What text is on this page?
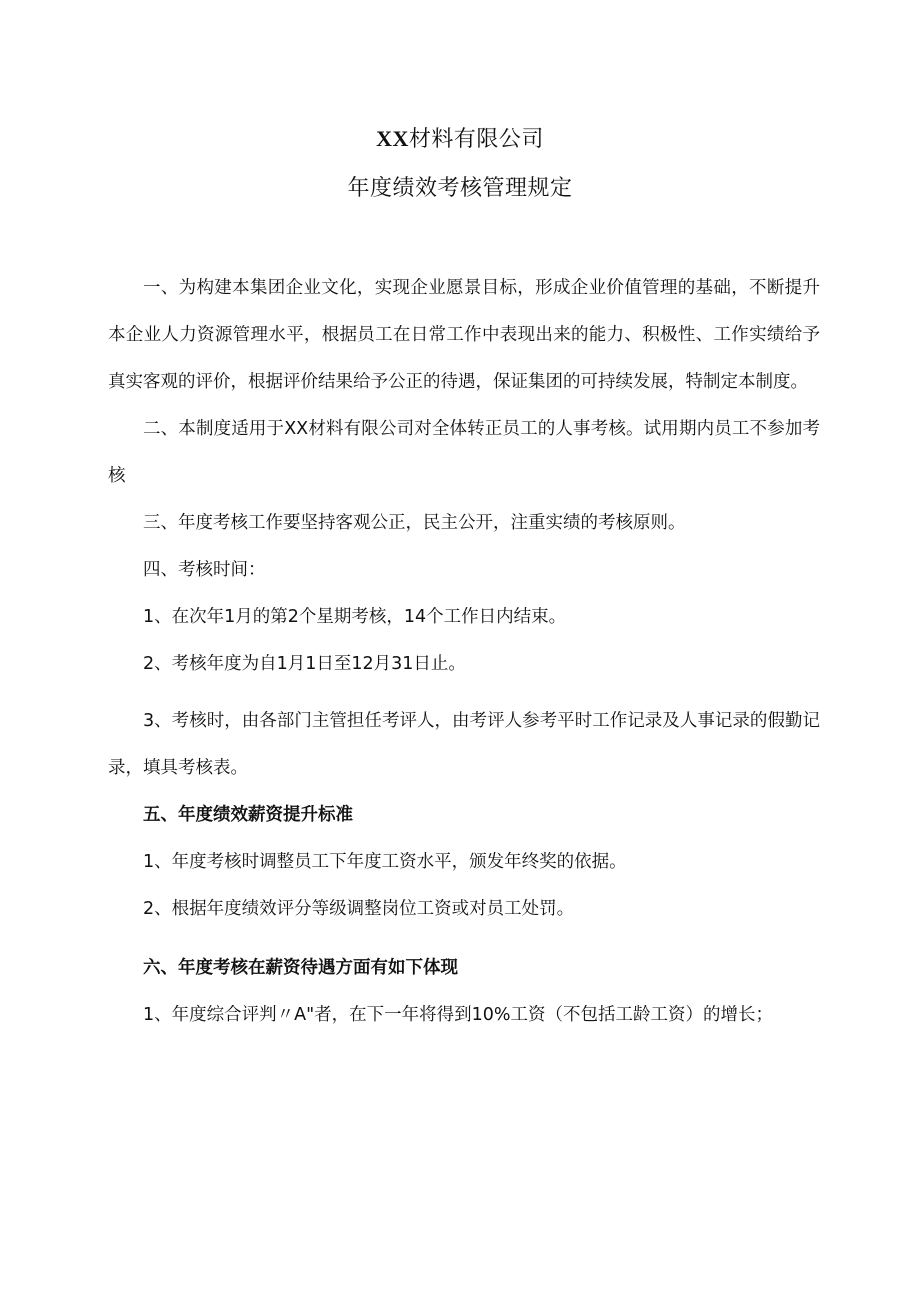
XX材料有限公司
年度绩效考核管理规定

一、为构建本集团企业文化，实现企业愿景目标，形成企业价值管理的基础，不断提升本企业人力资源管理水平，根据员工在日常工作中表现出来的能力、积极性、工作实绩给予真实客观的评价，根据评价结果给予公正的待遇，保证集团的可持续发展，特制定本制度。

二、本制度适用于XX材料有限公司对全体转正员工的人事考核。试用期内员工不参加考核

三、年度考核工作要坚持客观公正，民主公开，注重实绩的考核原则。

四、考核时间：

1、在次年1月的第2个星期考核，14个工作日内结束。

2、考核年度为自1月1日至12月31日止。

3、考核时，由各部门主管担任考评人，由考评人参考平时工作记录及人事记录的假勤记录，填具考核表。

五、年度绩效薪资提升标准

1、年度考核时调整员工下年度工资水平，颁发年终奖的依据。

2、根据年度绩效评分等级调整岗位工资或对员工处罚。

六、年度考核在薪资待遇方面有如下体现

1、年度综合评判〃A"者，在下一年将得到10%工资（不包括工龄工资）的增长；
